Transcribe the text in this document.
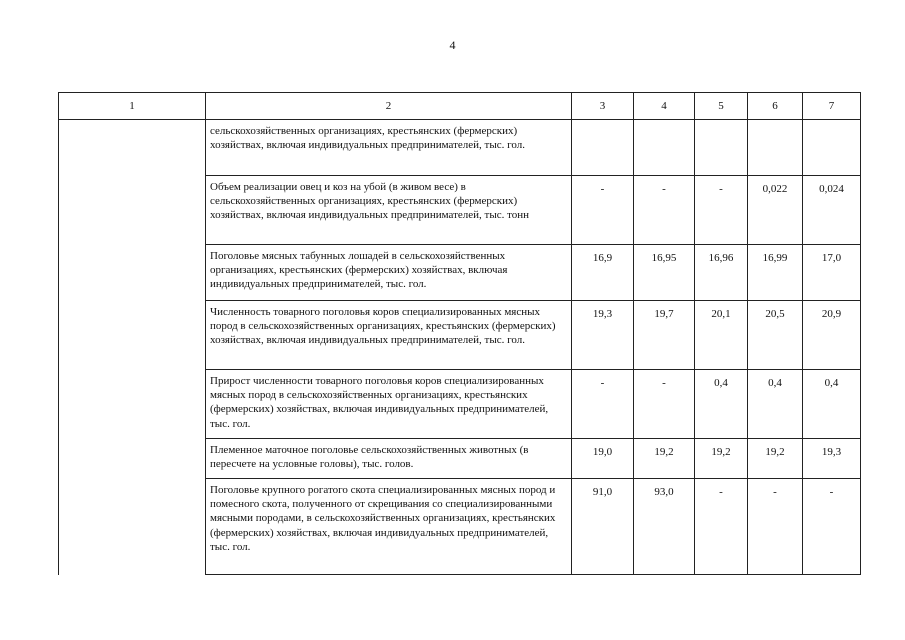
4
1	2	3	4	5	6	7
	сельскохозяйственных организациях, крестьянских (фермерских) хозяйствах, включая индивидуальных предпринимателей, тыс. гол.					
	Объем реализации овец и коз на убой (в живом весе) в сельскохозяйственных организациях, крестьянских (фермерских) хозяйствах, включая индивидуальных предпринимателей, тыс. тонн	-	-	-	0,022	0,024
	Поголовье мясных табунных лошадей в сельскохозяйственных организациях, крестьянских (фермерских) хозяйствах, включая индивидуальных предпринимателей, тыс. гол.	16,9	16,95	16,96	16,99	17,0
	Численность товарного поголовья коров специализированных мясных пород в сельскохозяйственных организациях, крестьянских (фермерских) хозяйствах, включая индивидуальных предпринимателей, тыс. гол.	19,3	19,7	20,1	20,5	20,9
	Прирост численности товарного поголовья коров специализированных мясных пород в сельскохозяйственных организациях, крестьянских (фермерских) хозяйствах, включая индивидуальных предпринимателей, тыс. гол.	-	-	0,4	0,4	0,4
	Племенное маточное поголовье сельскохозяйственных животных (в пересчете на условные головы), тыс. голов.	19,0	19,2	19,2	19,2	19,3
	Поголовье крупного рогатого скота специализированных мясных пород и помесного скота, полученного от скрещивания со специализированными мясными породами, в сельскохозяйственных организациях, крестьянских (фермерских) хозяйствах, включая индивидуальных предпринимателей, тыс. гол.	91,0	93,0	-	-	-
